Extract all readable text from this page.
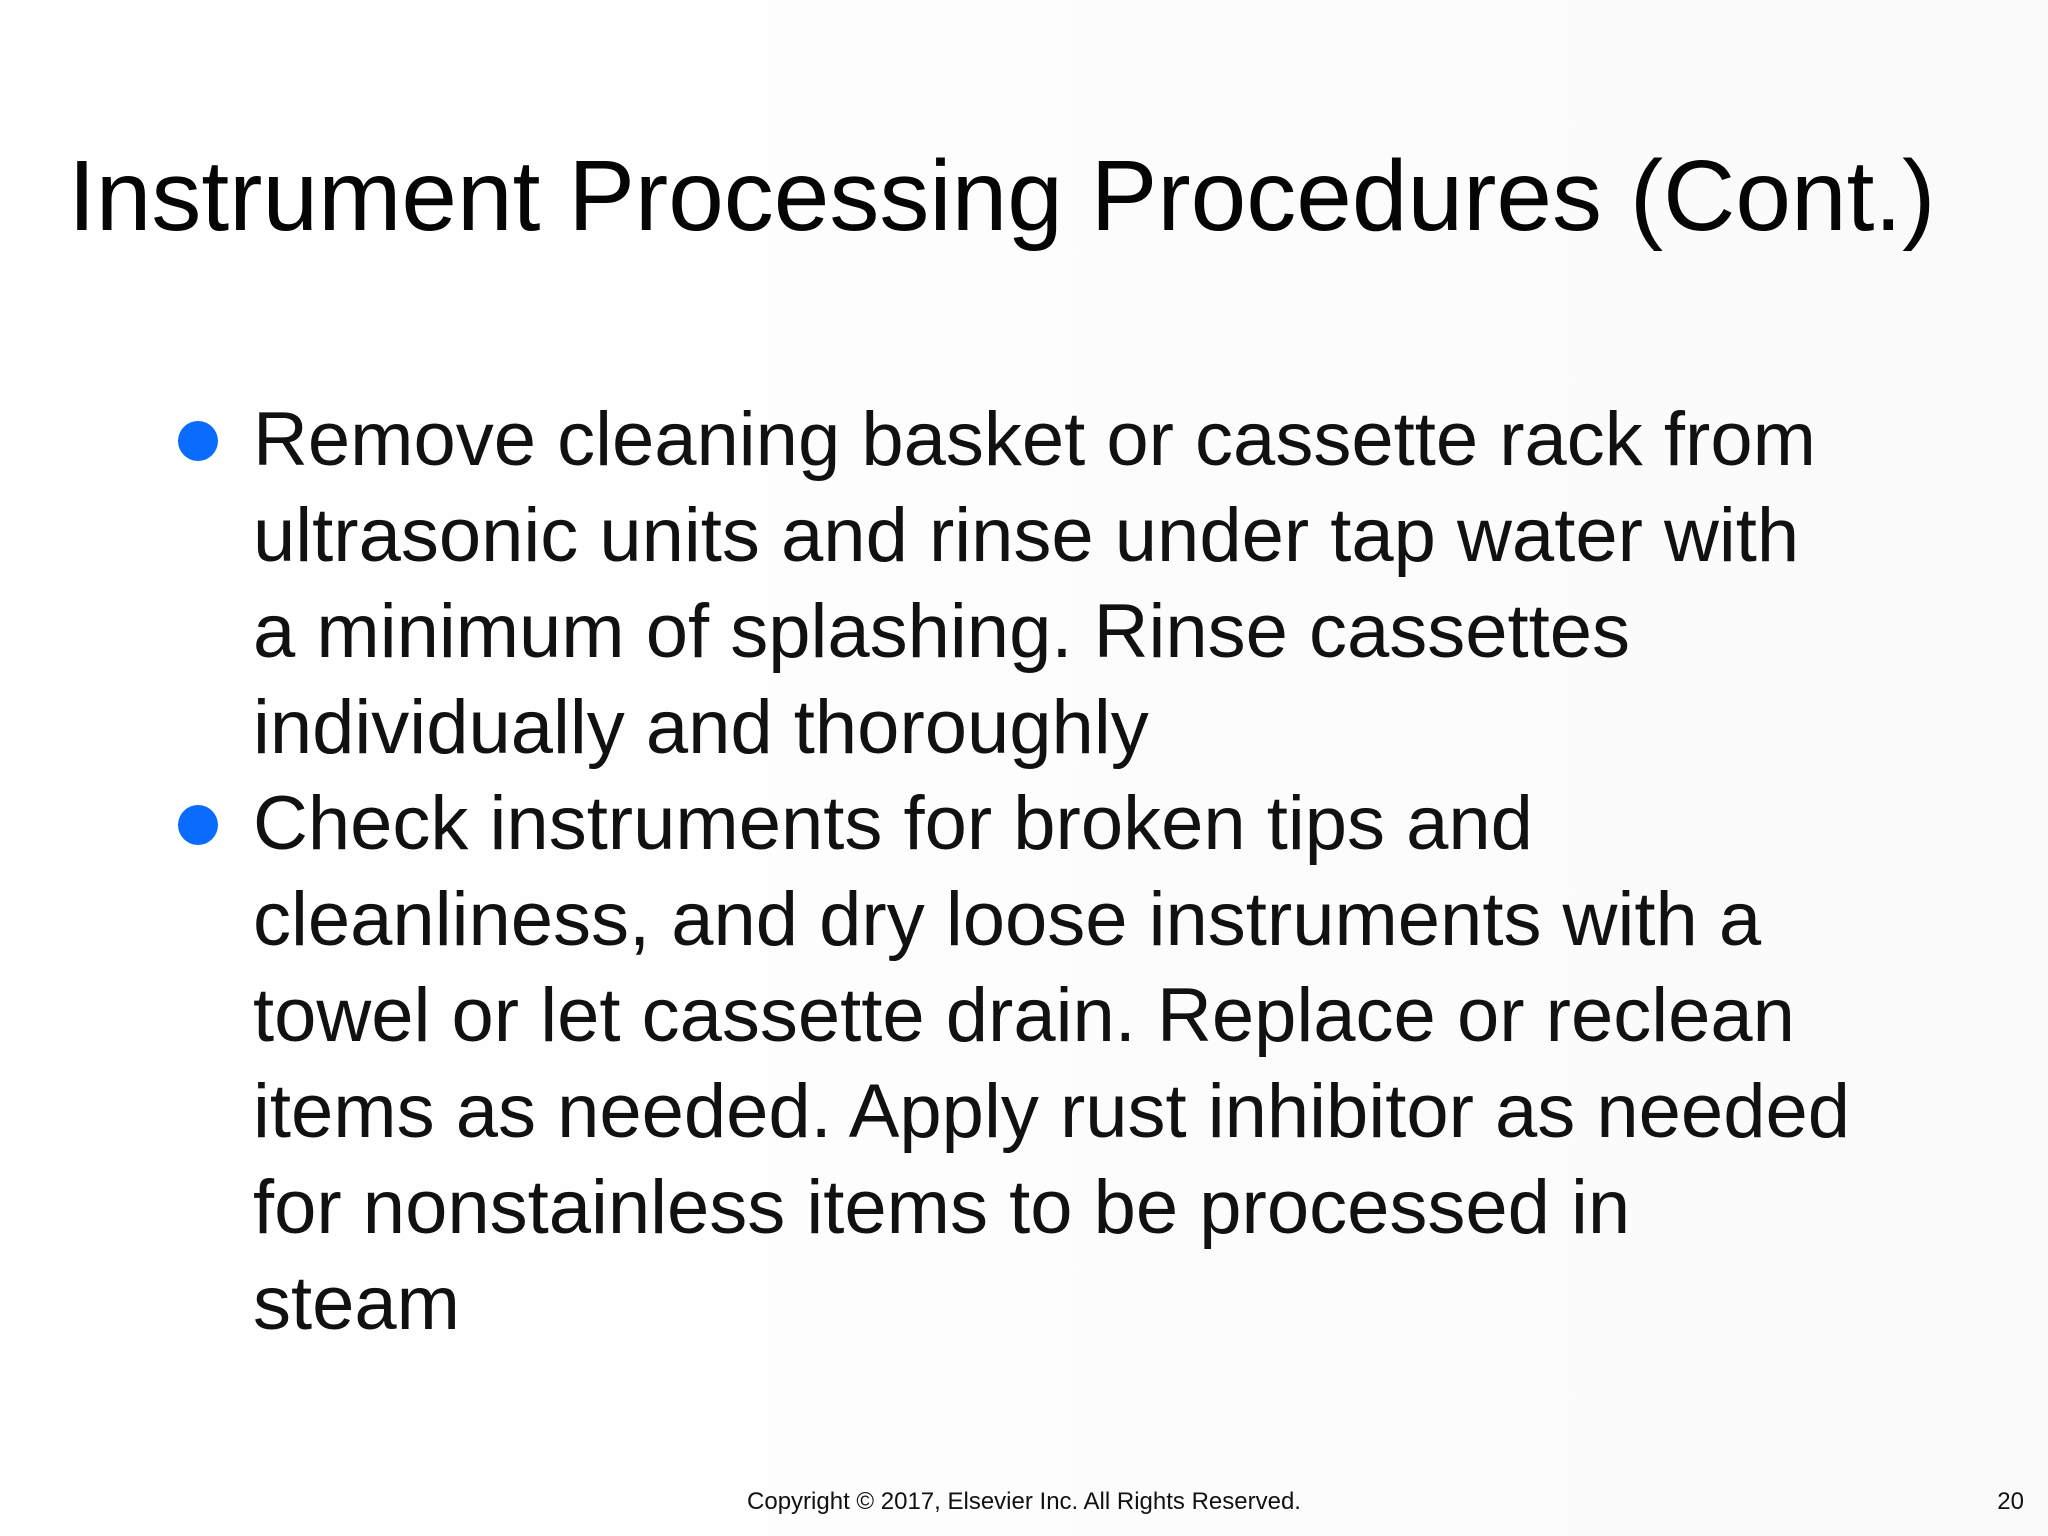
Instrument Processing Procedures (Cont.)
Remove cleaning basket or cassette rack from ultrasonic units and rinse under tap water with a minimum of splashing. Rinse cassettes individually and thoroughly
Check instruments for broken tips and cleanliness, and dry loose instruments with a towel or let cassette drain. Replace or reclean items as needed. Apply rust inhibitor as needed for nonstainless items to be processed in steam
Copyright © 2017, Elsevier Inc. All Rights Reserved.	20
